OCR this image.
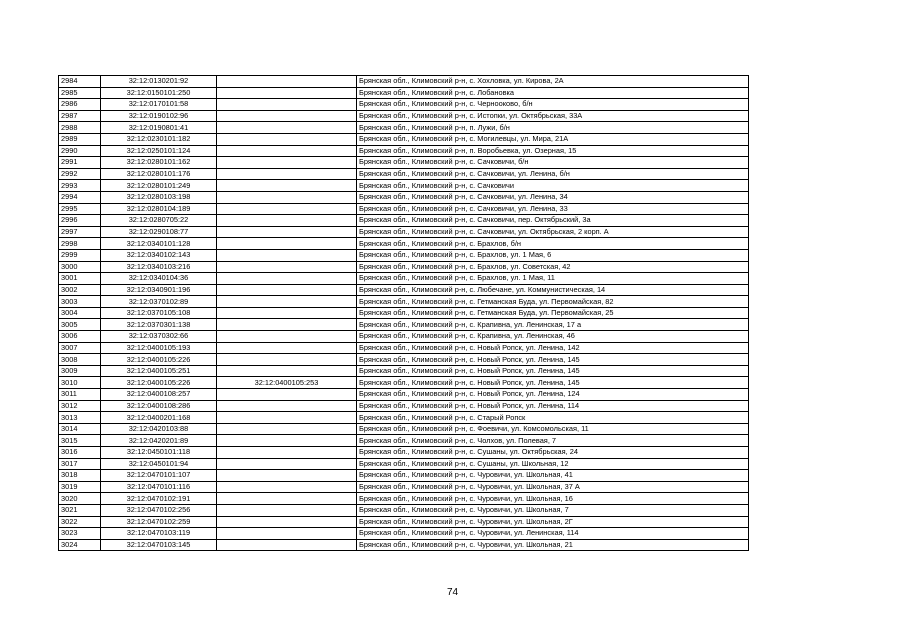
2984	32:12:0130201:92		Брянская обл., Климовский р-н, с. Хохловка, ул. Кирова, 2А
2985	32:12:0150101:250		Брянская обл., Климовский р-н, с. Лобановка
2986	32:12:0170101:58		Брянская обл., Климовский р-н, с. Чернооково, б/н
2987	32:12:0190102:96		Брянская обл., Климовский р-н, с. Истопки, ул. Октябрьская, 33А
2988	32:12:0190801:41		Брянская обл., Климовский р-н, п. Лужи, б/н
2989	32:12:0230101:182		Брянская обл., Климовский р-н, с. Могилевцы, ул. Мира, 21А
2990	32:12:0250101:124		Брянская обл., Климовский р-н, п. Воробьевка, ул. Озерная, 15
2991	32:12:0280101:162		Брянская обл., Климовский р-н, с. Сачковичи, б/н
2992	32:12:0280101:176		Брянская обл., Климовский р-н, с. Сачковичи, ул. Ленина, б/н
2993	32:12:0280101:249		Брянская обл., Климовский р-н, с. Сачковичи
2994	32:12:0280103:198		Брянская обл., Климовский р-н, с. Сачковичи, ул. Ленина, 34
2995	32:12:0280104:189		Брянская обл., Климовский р-н, с. Сачковичи, ул. Ленина, 33
2996	32:12:0280705:22		Брянская обл., Климовский р-н, с. Сачковичи, пер. Октябрьский, 3а
2997	32:12:0290108:77		Брянская обл., Климовский р-н, с. Сачковичи, ул. Октябрьская, 2 корп. А
2998	32:12:0340101:128		Брянская обл., Климовский р-н, с. Брахлов, б/н
2999	32:12:0340102:143		Брянская обл., Климовский р-н, с. Брахлов, ул. 1 Мая, 6
3000	32:12:0340103:216		Брянская обл., Климовский р-н, с. Брахлов, ул. Советская, 42
3001	32:12:0340104:36		Брянская обл., Климовский р-н, с. Брахлов, ул. 1 Мая, 11
3002	32:12:0340901:196		Брянская обл., Климовский р-н, с. Любечане, ул. Коммунистическая, 14
3003	32:12:0370102:89		Брянская обл., Климовский р-н, с. Гетманская Буда, ул. Первомайская, 82
3004	32:12:0370105:108		Брянская обл., Климовский р-н, с. Гетманская Буда, ул. Первомайская, 25
3005	32:12:0370301:138		Брянская обл., Климовский р-н, с. Крапивна, ул. Ленинская, 17 а
3006	32:12:0370302:66		Брянская обл., Климовский р-н, с. Крапивна, ул. Ленинская, 46
3007	32:12:0400105:193		Брянская обл., Климовский р-н, с. Новый Ропск, ул. Ленина, 142
3008	32:12:0400105:226		Брянская обл., Климовский р-н, с. Новый Ропск, ул. Ленина, 145
3009	32:12:0400105:251		Брянская обл., Климовский р-н, с. Новый Ропск, ул. Ленина, 145
3010	32:12:0400105:226	32:12:0400105:253	Брянская обл., Климовский р-н, с. Новый Ропск, ул. Ленина, 145
3011	32:12:0400108:257		Брянская обл., Климовский р-н, с. Новый Ропск, ул. Ленина, 124
3012	32:12:0400108:286		Брянская обл., Климовский р-н, с. Новый Ропск, ул. Ленина, 114
3013	32:12:0400201:168		Брянская обл., Климовский р-н, с. Старый Ропск
3014	32:12:0420103:88		Брянская обл., Климовский р-н, с. Фоевичи, ул. Комсомольская, 11
3015	32:12:0420201:89		Брянская обл., Климовский р-н, с. Чолхов, ул. Полевая, 7
3016	32:12:0450101:118		Брянская обл., Климовский р-н, с. Сушаны, ул. Октябрьская, 24
3017	32:12:0450101:94		Брянская обл., Климовский р-н, с. Сушаны, ул. Школьная, 12
3018	32:12:0470101:107		Брянская обл., Климовский р-н, с. Чуровичи, ул. Школьная, 41
3019	32:12:0470101:116		Брянская обл., Климовский р-н, с. Чуровичи, ул. Школьная, 37 А
3020	32:12:0470102:191		Брянская обл., Климовский р-н, с. Чуровичи, ул. Школьная, 16
3021	32:12:0470102:256		Брянская обл., Климовский р-н, с. Чуровичи, ул. Школьная, 7
3022	32:12:0470102:259		Брянская обл., Климовский р-н, с. Чуровичи, ул. Школьная, 2Г
3023	32:12:0470103:119		Брянская обл., Климовский р-н, с. Чуровичи, ул. Ленинская, 114
3024	32:12:0470103:145		Брянская обл., Климовский р-н, с. Чуровичи, ул. Школьная, 21
74
